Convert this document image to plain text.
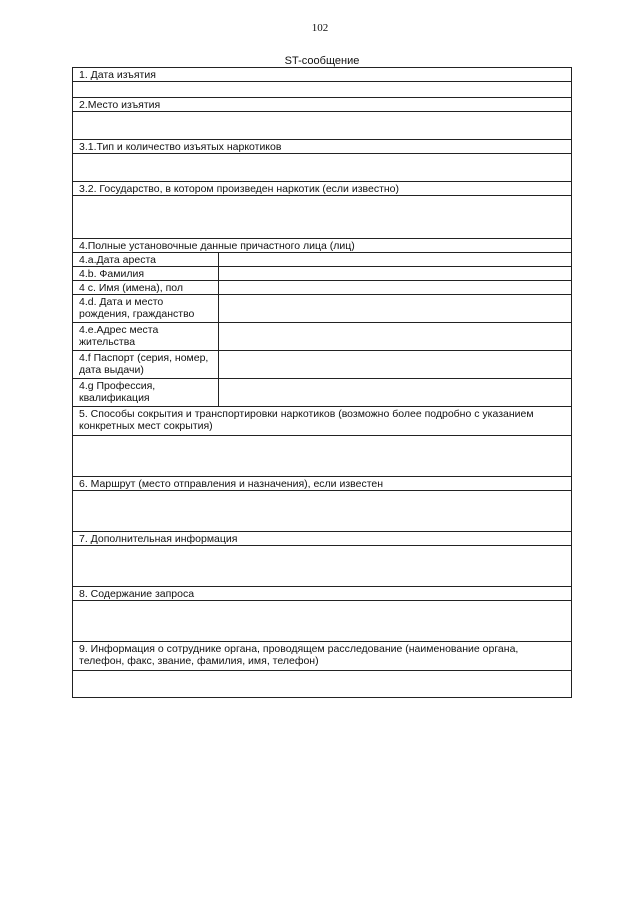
102
ST-сообщение
1. Дата изъятия
2.Место изъятия
3.1.Тип и количество изъятых наркотиков
3.2. Государство, в котором произведен наркотик (если известно)
4.Полные установочные данные причастного лица (лиц)
4.a.Дата ареста
4.b. Фамилия
4 c. Имя (имена), пол
4.d. Дата и место рождения, гражданство
4.e.Адрес места жительства
4.f Паспорт (серия, номер, дата выдачи)
4.g Профессия, квалификация
5. Способы сокрытия и транспортировки наркотиков (возможно более подробно с указанием конкретных мест сокрытия)
6. Маршрут (место отправления и назначения), если известен
7. Дополнительная информация
8. Содержание запроса
9. Информация о сотруднике органа, проводящем расследование (наименование органа, телефон, факс, звание, фамилия, имя, телефон)
